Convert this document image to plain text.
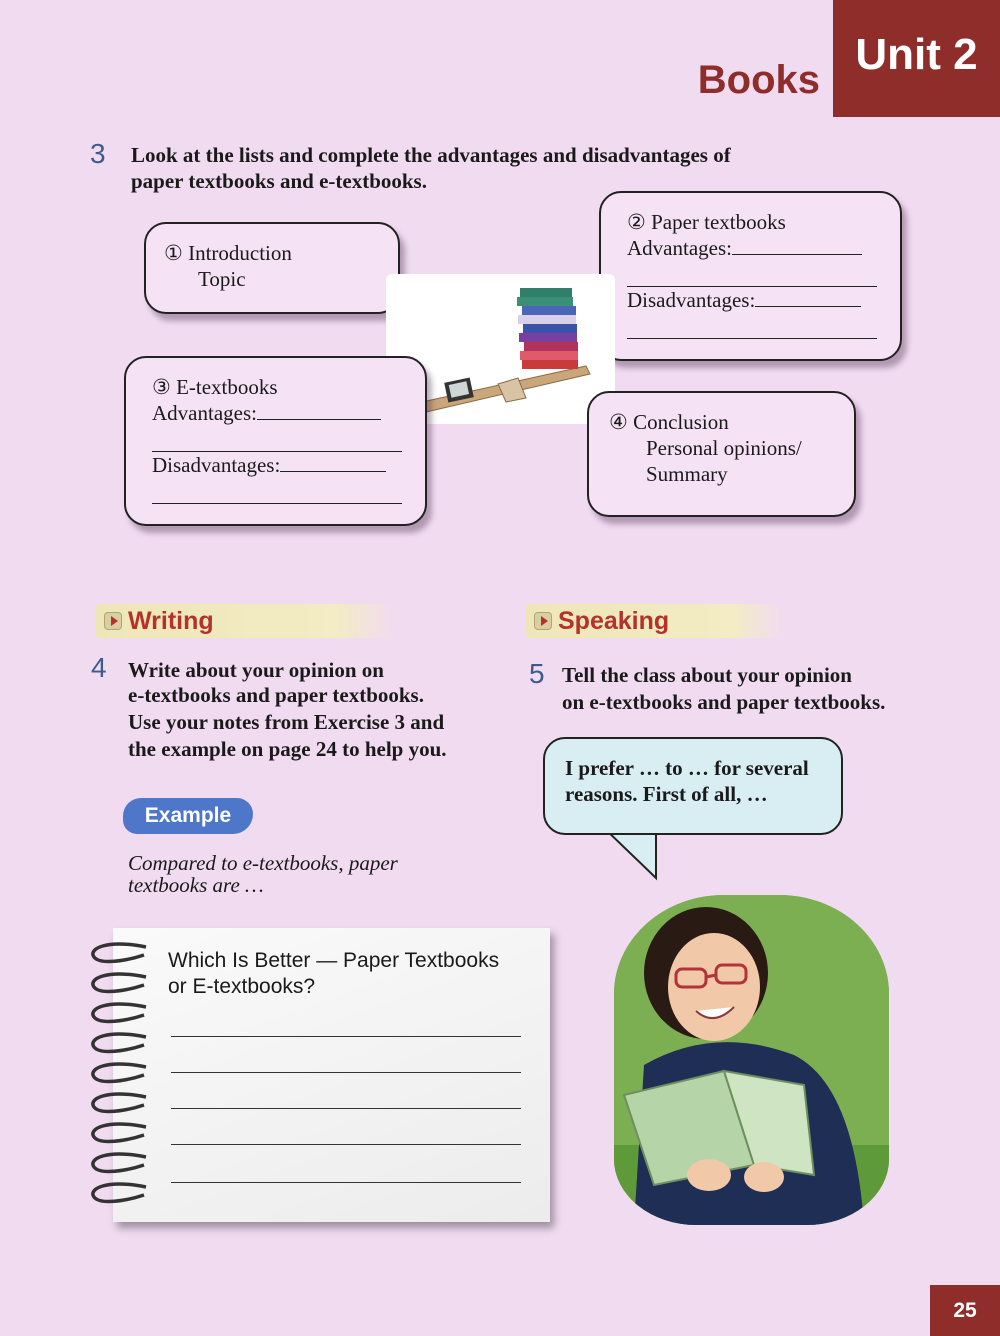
Unit 2
Books
3 Look at the lists and complete the advantages and disadvantages of
paper textbooks and e-textbooks.
① Introduction
Topic
② Paper textbooks
Advantages:
Disadvantages:
③ E-textbooks
Advantages:
Disadvantages:
④ Conclusion
Personal opinions/
Summary
Writing
4 Write about your opinion on
e-textbooks and paper textbooks.
Use your notes from Exercise 3 and
the example on page 24 to help you.
Example
Compared to e-textbooks, paper
textbooks are …
Which Is Better — Paper Textbooks
or E-textbooks?
Speaking
5 Tell the class about your opinion
on e-textbooks and paper textbooks.
I prefer … to … for several
reasons. First of all, …
25
